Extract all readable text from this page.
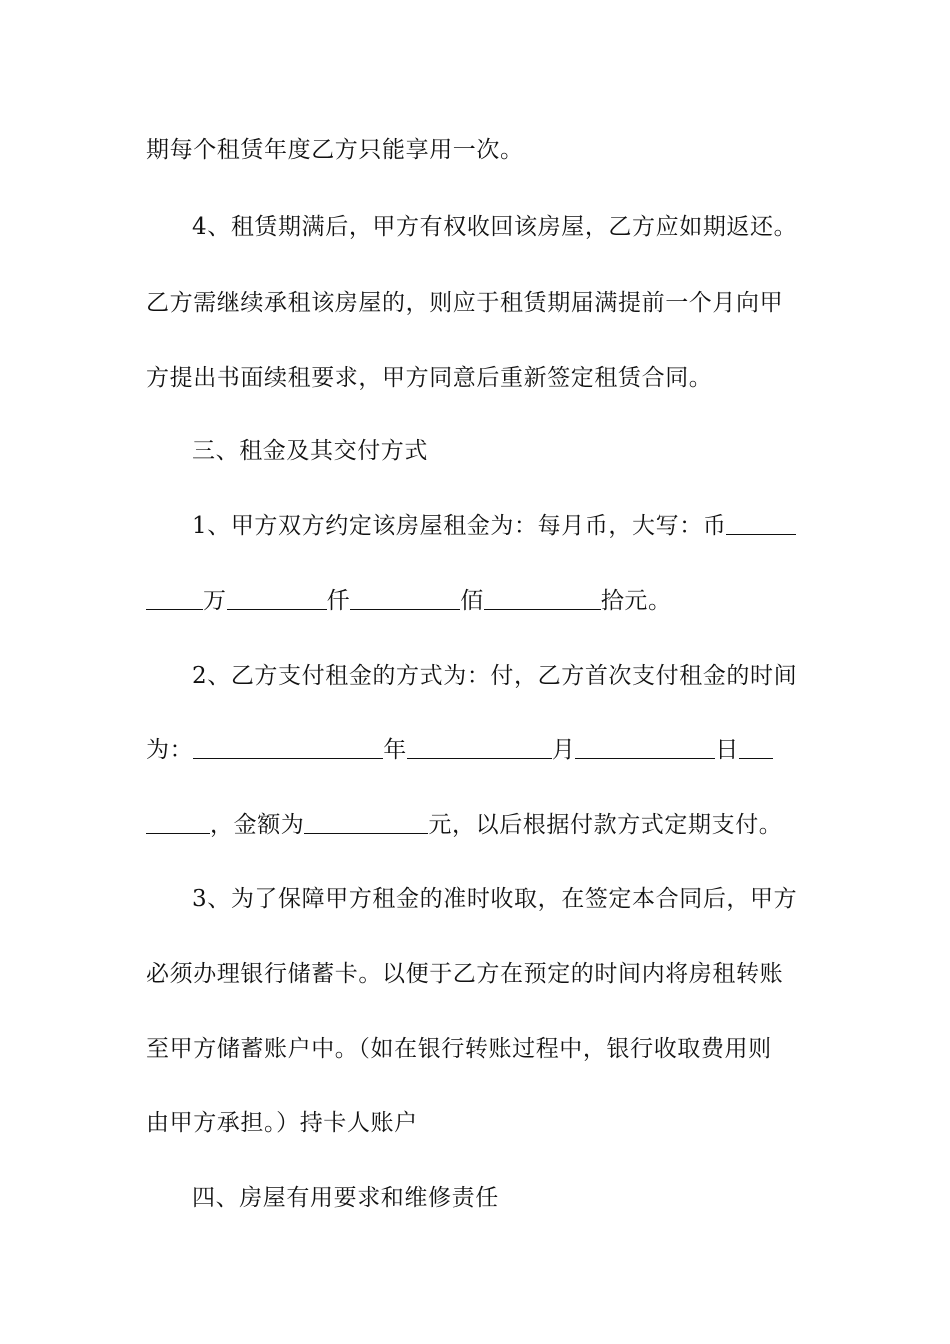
期每个租赁年度乙方只能享用一次。
4、租赁期满后，甲方有权收回该房屋，乙方应如期返还。
乙方需继续承租该房屋的，则应于租赁期届满提前一个月向甲
方提出书面续租要求，甲方同意后重新签定租赁合同。
三、租金及其交付方式
1、甲方双方约定该房屋租金为：每月币，大写：币
万	仟	佰	拾元。
2、乙方支付租金的方式为：付，乙方首次支付租金的时间
为：	年	月	日
，金额为	元，以后根据付款方式定期支付。
3、为了保障甲方租金的准时收取，在签定本合同后，甲方
必须办理银行储蓄卡。以便于乙方在预定的时间内将房租转账
至甲方储蓄账户中。（如在银行转账过程中，银行收取费用则
由甲方承担。）持卡人账户
四、房屋有用要求和维修责任
